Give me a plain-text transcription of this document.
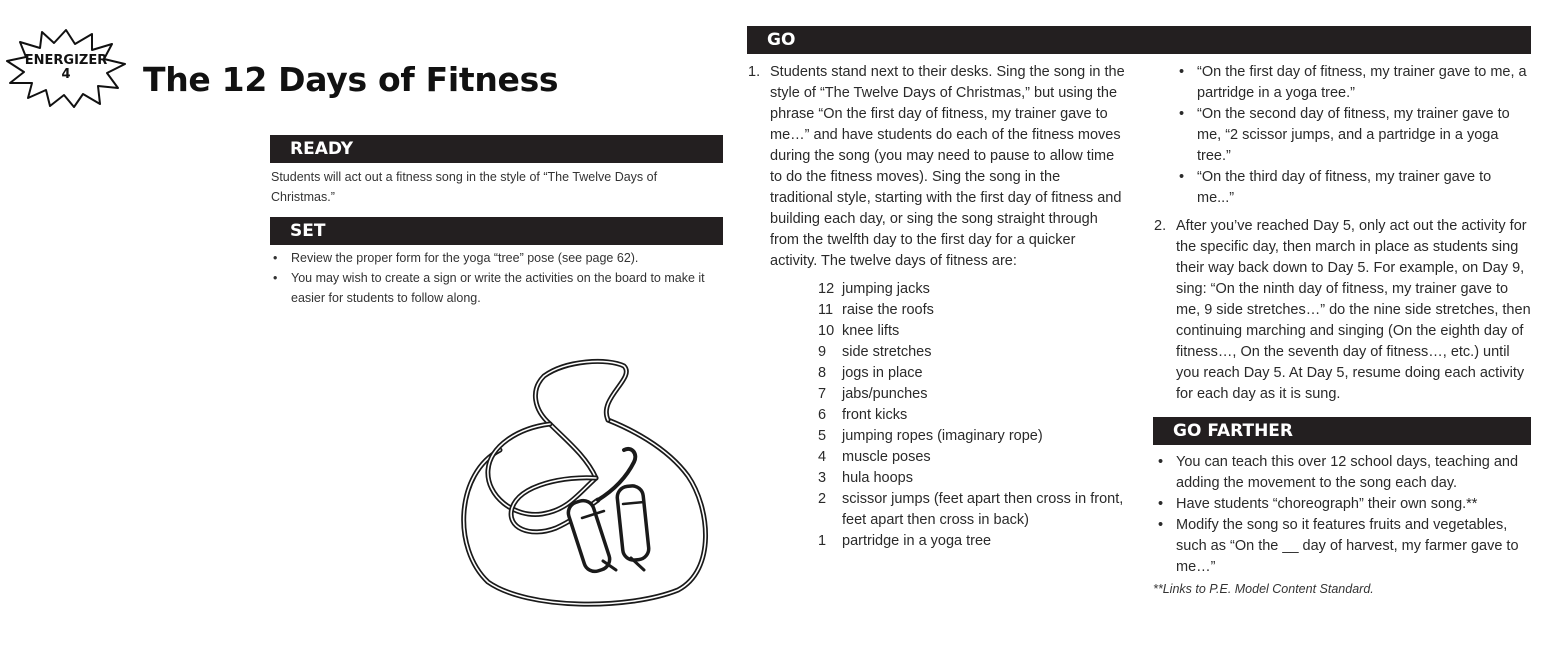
ENERGIZER
4	The 12 Days of Fitness
READY
Students will act out a fitness song in the style of “The Twelve Days of Christmas.”
SET
• Review the proper form for the yoga “tree” pose (see page 62).
• You may wish to create a sign or write the activities on the board to make it easier for students to follow along.
GO
1. Students stand next to their desks. Sing the song in the style of “The Twelve Days of Christmas,” but using the phrase “On the first day of fitness, my trainer gave to me…” and have students do each of the fitness moves during the song (you may need to pause to allow time to do the fitness moves). Sing the song in the traditional style, starting with the first day of fitness and building each day, or sing the song straight through from the twelfth day to the first day for a quicker activity. The twelve days of fitness are:
12 jumping jacks
11 raise the roofs
10 knee lifts
9	side stretches
8	jogs in place
7	jabs/punches
6	front kicks
5	jumping ropes (imaginary rope)
4	muscle poses
3	hula hoops
2	scissor jumps (feet apart then cross in front, feet apart then cross in back)
1	partridge in a yoga tree
• “On the first day of fitness, my trainer gave to me, a partridge in a yoga tree.”
• “On the second day of fitness, my trainer gave to me, “2 scissor jumps, and a partridge in a yoga tree.”
• “On the third day of fitness, my trainer gave to me...”
2. After you’ve reached Day 5, only act out the activity for the specific day, then march in place as students sing their way back down to Day 5. For example, on Day 9, sing: “On the ninth day of fitness, my trainer gave to me, 9 side stretches…” do the nine side stretches, then continuing marching and singing (On the eighth day of fitness…, On the seventh day of fitness…, etc.) until you reach Day 5. At Day 5, resume doing each activity for each day as it is sung.
GO FARTHER
• You can teach this over 12 school days, teaching and adding the movement to the song each day.
• Have students “choreograph” their own song.**
• Modify the song so it features fruits and vegetables, such as “On the __ day of harvest, my farmer gave to me…”
**Links to P.E. Model Content Standard.
